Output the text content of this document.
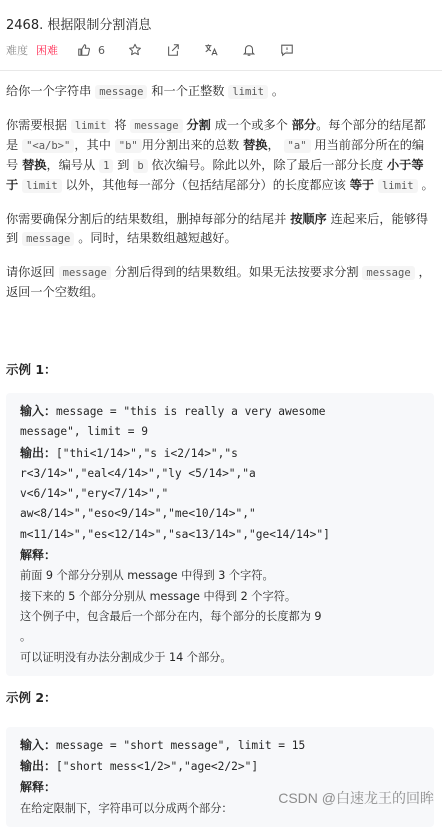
2468. 根据限制分割消息
难度 困难	6

给你一个字符串 message 和一个正整数 limit 。

你需要根据 limit 将 message 分割 成一个或多个 部分。每个部分的结尾都是 "<a/b>" ，其中 "b" 用分割出来的总数 替换， "a" 用当前部分所在的编号 替换，编号从 1 到 b 依次编号。除此以外，除了最后一部分长度 小于等于 limit 以外，其他每一部分（包括结尾部分）的长度都应该 等于 limit 。

你需要确保分割后的结果数组，删掉每部分的结尾并 按顺序 连起来后，能够得到 message 。同时，结果数组越短越好。

请你返回 message 分割后得到的结果数组。如果无法按要求分割 message ，返回一个空数组。

示例 1：

输入：message = "this is really a very awesome
message", limit = 9
输出：["thi<1/14>","s i<2/14>","s
r<3/14>","eal<4/14>","ly <5/14>","a
v<6/14>","ery<7/14>","
aw<8/14>","eso<9/14>","me<10/14>","
m<11/14>","es<12/14>","sa<13/14>","ge<14/14>"]
解释：
前面 9 个部分分别从 message 中得到 3 个字符。
接下来的 5 个部分分别从 message 中得到 2 个字符。
这个例子中，包含最后一个部分在内，每个部分的长度都为 9
。
可以证明没有办法分割成少于 14 个部分。

示例 2：

输入：message = "short message", limit = 15
输出：["short mess<1/2>","age<2/2>"]
解释：
在给定限制下，字符串可以分成两个部分：
CSDN @白速龙王的回眸
